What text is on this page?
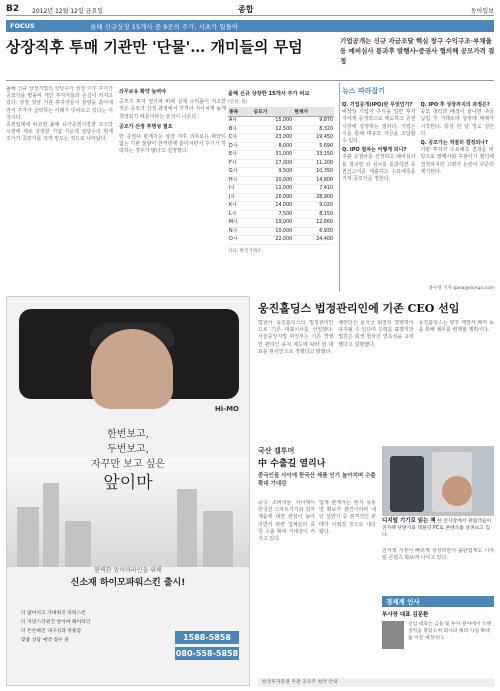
B2 2012년 12월 12일 금요일	종합	동아일보
FOCUS	올해 신규상장 15개사 중 9곳의 주가, 시초가 밑돌아
상장직후 투매 기관만 '단물'… 개미들의 무덤	기업공개는 신규 자금조달 핵심 창구 수익구조·부채율 등 예비심사 통과후 발행사-증권사 협의해 공모가격 결정

올해 신규 상장기업의 상당수가 상장 이후 주가가 공모가를 밑돌며 개인 투자자들의 손실이 커지고 있다. 상장 첫날 기관 투자자들이 물량을 쏟아내면서 주가가 급락하는 사례가 잇따르고 있다는 지적이다.

증권업계에 따르면 올해 유가증권시장과 코스닥시장에 새로 상장한 기업 가운데 상당수의 현재 주가가 공모가를 크게 밑도는 것으로 나타났다.

의무보유 확약 늘려야

공모주 투자 열기에 비해 실제 수익률이 저조한 것은 공모가 산정 과정에서 가격이 지나치게 높게 책정되기 때문이라는 분석이 나온다.

공모가 산정 투명성 필요

한 증권사 관계자는 상장 직후 의무보유 확약이 없는 기관 물량이 한꺼번에 쏟아지면서 주가가 하락하는 경우가 많다고 설명했다.

올해 신규 상장한 15개사 주가 비교
(단위: 원)
종목	공모가	현재가
A사	15,000	9,870
B사	12,500	8,320
C사	23,000	19,450
D사	8,000	5,690
E사	31,000	33,150
F사	17,000	11,200
G사	9,500	10,350
H사	20,000	14,800
I사	11,000	7,410
J사	26,000	28,900
K사	14,000	9,020
L사	7,500	8,150
M사	19,000	12,660
N사	10,000	6,930
O사	22,000	24,400
자료: 한국거래소
뉴스 따라잡기

Q. 기업공개(IPO)란 무엇인가?

비상장 기업이 주식을 일반 투자자에게 공개적으로 매도하고 증권시장에 상장하는 절차다. 기업은 이를 통해 대규모 자금을 조달할 수 있다.

Q. IPO 절차는 어떻게 되나?

주관 증권사를 선정하고 예비심사를 청구한 뒤 심사를 통과하면 증권신고서를 제출하고 수요예측을 거쳐 공모가를 정한다.

Q. IPO 후 상장까지의 과정은?

공모 청약과 배정이 끝나면 주금 납입 후 거래소에 상장돼 매매가 시작된다. 통상 한 달 정도 걸린다.

Q. 공모가는 적절히 결정되나?

기관 투자자 수요예측 결과를 바탕으로 발행사와 주관사가 협의해 결정하지만 고평가 논란이 꾸준히 제기된다.

홍수영 기자 gaea@donga.com
Hi-MO
한번보고,
두번보고,
자꾸만 보고 싶은
앞이마
완벽한 앞이마라인을 위해
신소재 하이모파워스킨 출시!
더 얇아지고 가벼워진 파워스킨
더 자연스러워진 앞이마 헤어라인
더 튼튼해진 내구성과 착용감
맞춤 상담 예약 접수 중	1588-5858
080-558-5858
웅진홀딩스 법정관리인에 기존 CEO 선임
법원이 웅진홀딩스의 법정관리인으로 기존 대표이사를 선임했다. 서울중앙지법 파산부는 기존 경영인 관리인 유지 제도에 따라 현 대표를 관리인으로 정했다고 밝혔다.
채권단은 윤석금 회장의 영향력이 유지될 수 있다며 우려를 표했지만 법원은 회생 절차의 연속성을 고려했다고 설명했다.
웅진홀딩스는 향후 계열사 매각 등을 통해 채무를 변제할 계획이다.
국산 갤투머
中 수출길 열리나
중국인들 사이에 한국산 제품 인기 높아지며 수출 확대 기대감
중국 소비자들 사이에서 한국산 스마트기기와 전자제품에 대한 관심이 높아지면서 관련 업체들의 중국 수출 확대 기대감이 커지고 있다.
업계 관계자는 현지 유통망 확보가 관건이라며 내년 상반기 중 본격적인 판매가 이뤄질 것으로 내다봤다.
디지털 기기로 읽는 책 한 전시장에서 관람객들이 전자책 단말기와 태블릿 PC로 콘텐츠를 살펴보고 있다.
전자책 시장이 빠르게 성장하면서 출판업계도 디지털 콘텐츠 확보에 나서고 있다.
경제계 인사
부사장 대표 김문환
신임 대표는 금융 및 투자 분야에서 오랜 경력을 쌓았으며 회사의 해외 사업 확대를 이끌 예정이다.
한국투자증권 주관 공모주 청약 안내
